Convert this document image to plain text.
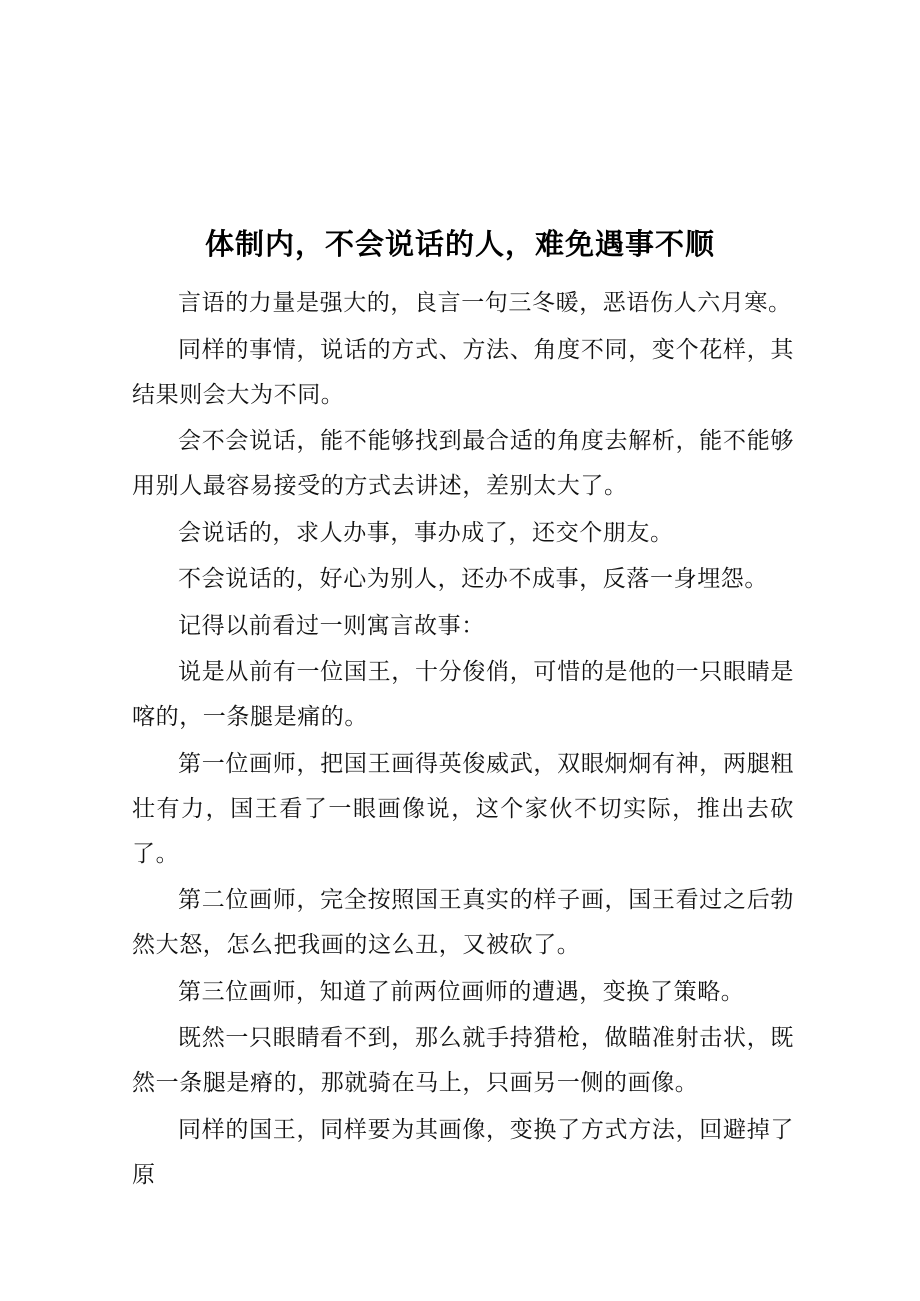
体制内，不会说话的人，难免遇事不顺

言语的力量是强大的，良言一句三冬暖，恶语伤人六月寒。

同样的事情，说话的方式、方法、角度不同，变个花样，其结果则会大为不同。

会不会说话，能不能够找到最合适的角度去解析，能不能够用别人最容易接受的方式去讲述，差别太大了。

会说话的，求人办事，事办成了，还交个朋友。

不会说话的，好心为别人，还办不成事，反落一身埋怨。

记得以前看过一则寓言故事：

说是从前有一位国王，十分俊俏，可惜的是他的一只眼睛是喀的，一条腿是痛的。

第一位画师，把国王画得英俊威武，双眼炯炯有神，两腿粗壮有力，国王看了一眼画像说，这个家伙不切实际，推出去砍了。

第二位画师，完全按照国王真实的样子画，国王看过之后勃然大怒，怎么把我画的这么丑，又被砍了。

第三位画师，知道了前两位画师的遭遇，变换了策略。

既然一只眼睛看不到，那么就手持猎枪，做瞄准射击状，既然一条腿是瘠的，那就骑在马上，只画另一侧的画像。

同样的国王，同样要为其画像，变换了方式方法，回避掉了原
